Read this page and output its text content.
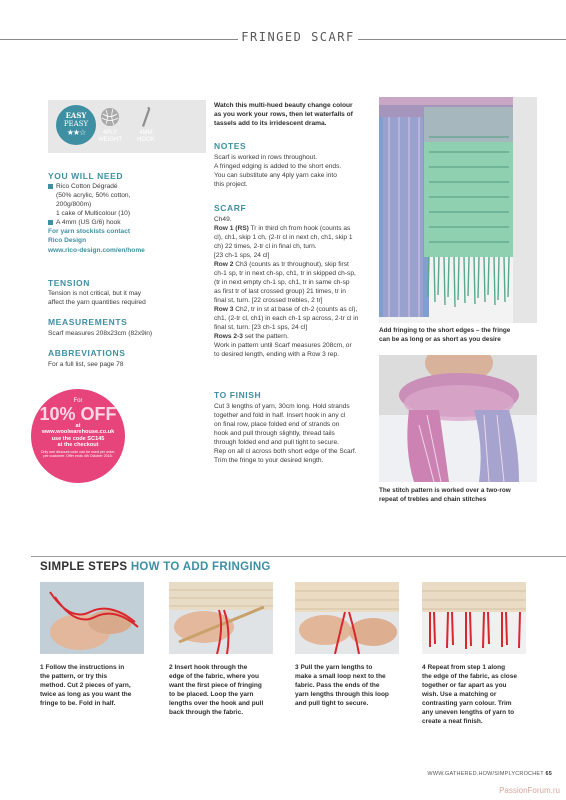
FRINGED SCARF
EASY
PEASY
★★☆	4PLY
WEIGHT
4MM
HOOK
YOU WILL NEED
Rico Cotton Dégradé
(50% acrylic, 50% cotton,
200g/800m)
1 cake of Multicolour (10)
A 4mm (US G/6) hook
For yarn stockists contact
Rico Design
www.rico-design.com/en/home
TENSION
Tension is not critical, but it may
affect the yarn quantities required
MEASUREMENTS
Scarf measures 208x23cm (82x9in)
ABBREVIATIONS
For a full list, see page 78
For
10% OFF
at
www.woolwarehouse.co.uk
use the code SC145
at the checkout
Only one discount code can be used per order, per customer. Offer ends 4th October 2018.
Watch this multi-hued beauty change colour
as you work your rows, then let waterfalls of
tassels add to its irridescent drama.
NOTES
Scarf is worked in rows throughout.
A fringed edging is added to the short ends.
You can substitute any 4ply yarn cake into
this project.
SCARF
Ch49.
Row 1 (RS) Tr in third ch from hook (counts as
cl), ch1, skip 1 ch, (2-tr cl in next ch, ch1, skip 1
ch) 22 times, 2-tr cl in final ch, turn.
[23 ch-1 sps, 24 cl]
Row 2 Ch3 (counts as tr throughout), skip first
ch-1 sp, tr in next ch-sp, ch1, tr in skipped ch-sp,
(tr in next empty ch-1 sp, ch1, tr in same ch-sp
as first tr of last crossed group) 21 times, tr in
final st, turn. [22 crossed trebles, 2 tr]
Row 3 Ch2, tr in st at base of ch-2 (counts as cl),
ch1, (2-tr cl, ch1) in each ch-1 sp across, 2-tr cl in
final st, turn. [23 ch-1 sps, 24 cl]
Rows 2-3 set the pattern.
Work in pattern until Scarf measures 208cm, or
to desired length, ending with a Row 3 rep.
TO FINISH
Cut 3 lengths of yarn, 30cm long. Hold strands
together and fold in half. Insert hook in any cl
on final row, place folded end of strands on
hook and pull through slightly, thread tails
through folded end and pull tight to secure.
Rep on all cl across both short edge of the Scarf.
Trim the fringe to your desired length.
Add fringing to the short edges – the fringe
can be as long or as short as you desire
The stitch pattern is worked over a two-row
repeat of trebles and chain stitches
SIMPLE STEPS HOW TO ADD FRINGING
1 Follow the instructions in
the pattern, or try this
method. Cut 2 pieces of yarn,
twice as long as you want the
fringe to be. Fold in half.
2 Insert hook through the
edge of the fabric, where you
want the first piece of fringing
to be placed. Loop the yarn
lengths over the hook and pull
back through the fabric.
3 Pull the yarn lengths to
make a small loop next to the
fabric. Pass the ends of the
yarn lengths through this loop
and pull tight to secure.
4 Repeat from step 1 along
the edge of the fabric, as close
together or far apart as you
wish. Use a matching or
contrasting yarn colour. Trim
any uneven lengths of yarn to
create a neat finish.
WWW.GATHERED.HOW/SIMPLYCROCHET 65
PassionForum.ru
